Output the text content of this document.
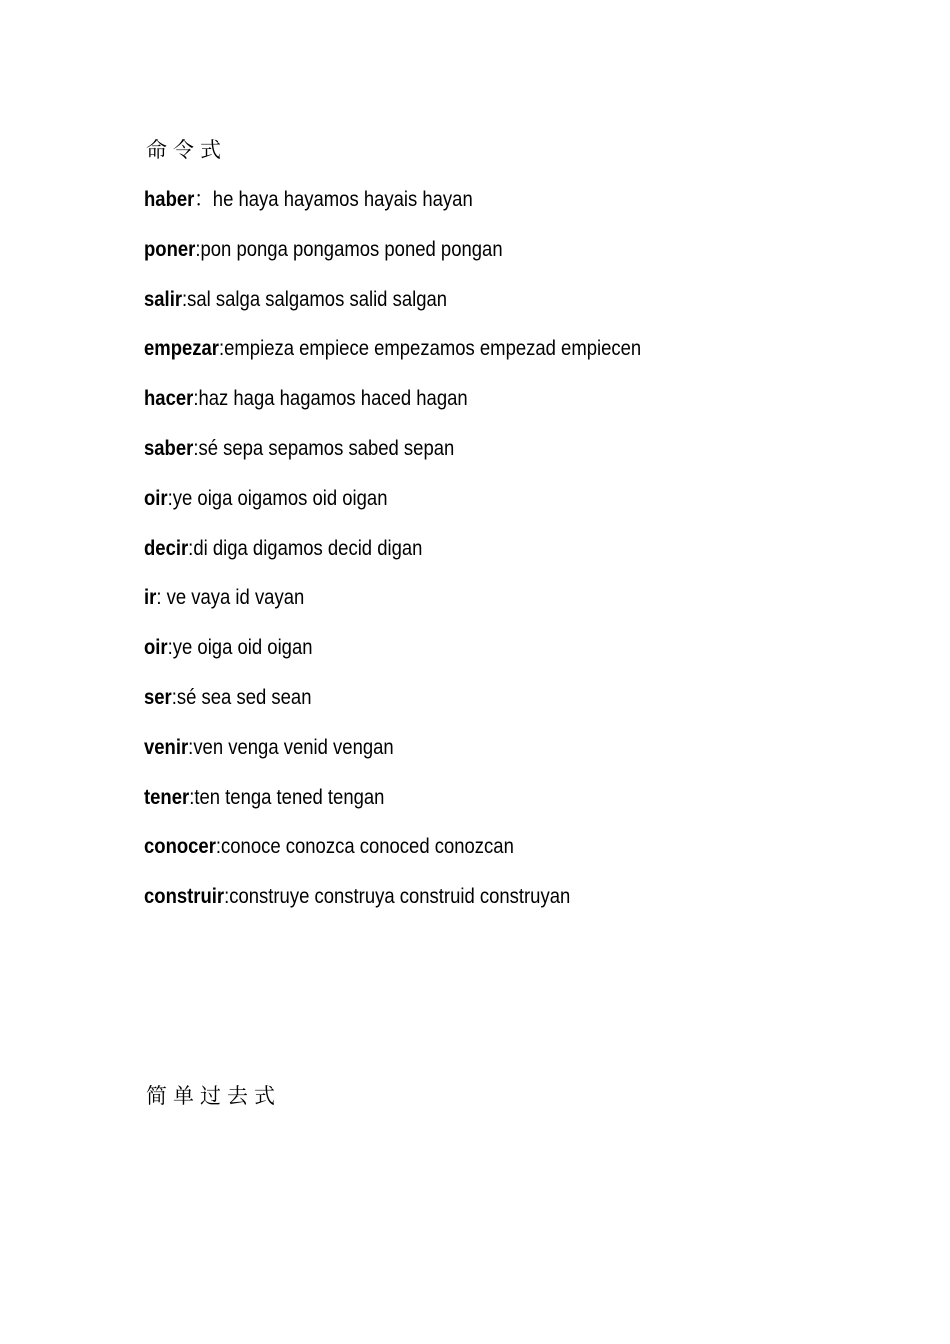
命令式
haber：he haya hayamos hayais hayan
poner:pon ponga pongamos poned pongan
salir:sal salga salgamos salid salgan
empezar:empieza empiece empezamos empezad empiecen
hacer:haz haga hagamos haced hagan
saber:sé sepa sepamos sabed sepan
oir:ye oiga oigamos oid oigan
decir:di diga digamos decid digan
ir: ve vaya id vayan
oir:ye oiga oid oigan
ser:sé sea sed sean
venir:ven venga venid vengan
tener:ten tenga tened tengan
conocer:conoce conozca conoced conozcan
construir:construye construya construid construyan
简单过去式
